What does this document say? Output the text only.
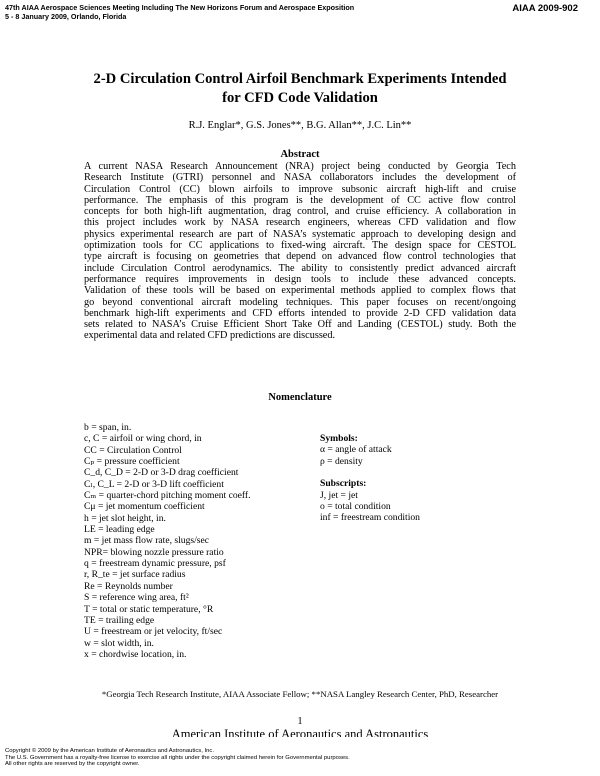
47th AIAA Aerospace Sciences Meeting Including The New Horizons Forum and Aerospace Exposition
5 - 8 January 2009, Orlando, Florida
AIAA 2009-902
2-D Circulation Control Airfoil Benchmark Experiments Intended
for CFD Code Validation
R.J. Englar*, G.S. Jones**, B.G. Allan**, J.C. Lin**
Abstract
A current NASA Research Announcement (NRA) project being conducted by Georgia Tech
Research Institute (GTRI) personnel and NASA collaborators includes the development of
Circulation Control (CC) blown airfoils to improve subsonic aircraft high-lift and cruise
performance. The emphasis of this program is the development of CC active flow control
concepts for both high-lift augmentation, drag control, and cruise efficiency. A collaboration in
this project includes work by NASA research engineers, whereas CFD validation and flow
physics experimental research are part of NASA’s systematic approach to developing design and
optimization tools for CC applications to fixed-wing aircraft. The design space for CESTOL
type aircraft is focusing on geometries that depend on advanced flow control technologies that
include Circulation Control aerodynamics. The ability to consistently predict advanced aircraft
performance requires improvements in design tools to include these advanced concepts.
Validation of these tools will be based on experimental methods applied to complex flows that
go beyond conventional aircraft modeling techniques. This paper focuses on recent/ongoing
benchmark high-lift experiments and CFD efforts intended to provide 2-D CFD validation data
sets related to NASA’s Cruise Efficient Short Take Off and Landing (CESTOL) study. Both the
experimental data and related CFD predictions are discussed.
Nomenclature
b = span, in.
c, C = airfoil or wing chord, in
CC = Circulation Control
Cₚ = pressure coefficient
C_d, C_D = 2-D or 3-D drag coefficient
Cₗ, C_L = 2-D or 3-D lift coefficient
Cₘ = quarter-chord pitching moment coeff.
Cμ = jet momentum coefficient
h = jet slot height, in.
LE = leading edge
m = jet mass flow rate, slugs/sec
NPR= blowing nozzle pressure ratio
q = freestream dynamic pressure, psf
r, R_te = jet surface radius
Re = Reynolds number
S = reference wing area, ft²
T = total or static temperature, °R
TE = trailing edge
U = freestream or jet velocity, ft/sec
w = slot width, in.
x = chordwise location, in.
Symbols:
α = angle of attack
ρ = density
Subscripts:
J, jet = jet
o = total condition
inf = freestream condition
*Georgia Tech Research Institute, AIAA Associate Fellow; **NASA Langley Research Center, PhD, Researcher
1
American Institute of Aeronautics and Astronautics
Copyright © 2009 by the American Institute of Aeronautics and Astronautics, Inc.
The U.S. Government has a royalty-free license to exercise all rights under the copyright claimed herein for Governmental purposes.
All other rights are reserved by the copyright owner.
